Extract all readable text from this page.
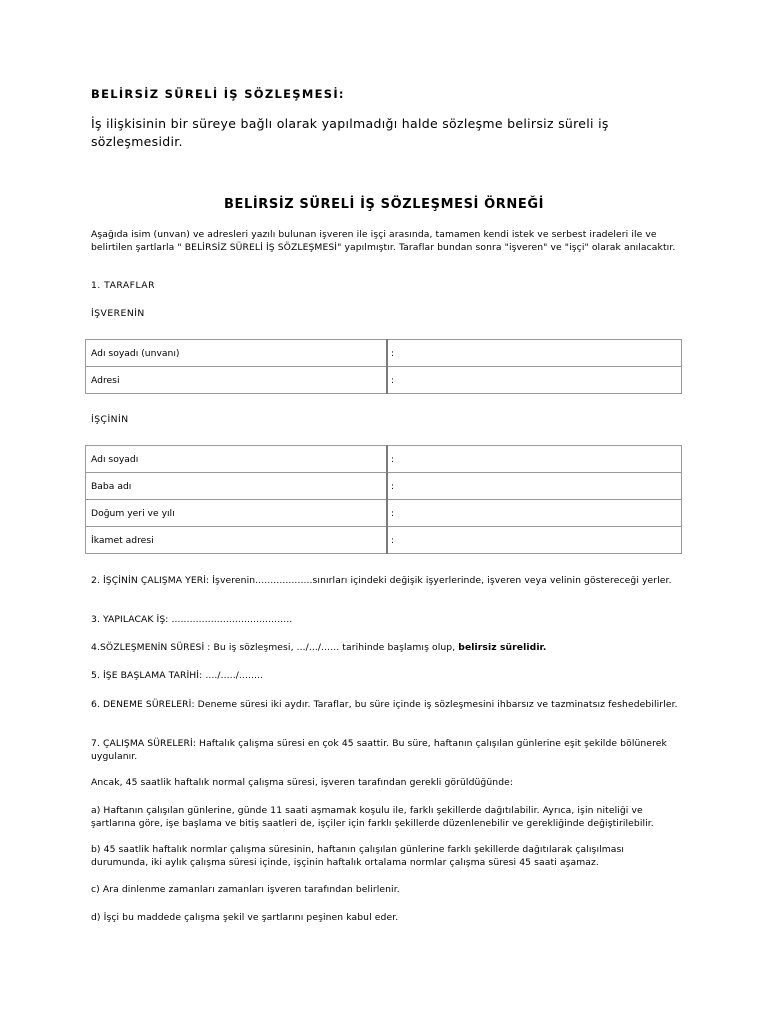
BELİRSİZ SÜRELİ İŞ SÖZLEŞMESİ:

İş ilişkisinin bir süreye bağlı olarak yapılmadığı halde sözleşme belirsiz süreli iş sözleşmesidir.

BELİRSİZ SÜRELİ İŞ SÖZLEŞMESİ ÖRNEĞİ

Aşağıda isim (unvan) ve adresleri yazılı bulunan işveren ile işçi arasında, tamamen kendi istek ve serbest iradeleri ile ve belirtilen şartlarla " BELİRSİZ SÜRELİ İŞ SÖZLEŞMESİ" yapılmıştır. Taraflar bundan sonra "işveren" ve "işçi" olarak anılacaktır.

1. TARAFLAR

İŞVERENİN

Adı soyadı (unvanı)	:
Adresi	:

İŞÇİNİN

Adı soyadı	:
Baba adı	:
Doğum yeri ve yılı	:
İkamet adresi	:

2. İŞÇİNİN ÇALIŞMA YERİ: İşverenin...................sınırları içindeki değişik işyerlerinde, işveren veya velinin göstereceği yerler.

3. YAPILACAK İŞ: ........................................

4.SÖZLEŞMENİN SÜRESİ : Bu iş sözleşmesi, .../.../...... tarihinde başlamış olup, belirsiz sürelidir.

5. İŞE BAŞLAMA TARİHİ: ..../...../........

6. DENEME SÜRELERİ: Deneme süresi iki aydır. Taraflar, bu süre içinde iş sözleşmesini ihbarsız ve tazminatsız feshedebilirler.

7. ÇALIŞMA SÜRELERİ: Haftalık çalışma süresi en çok 45 saattir. Bu süre, haftanın çalışılan günlerine eşit şekilde bölünerek uygulanır.

Ancak, 45 saatlik haftalık normal çalışma süresi, işveren tarafından gerekli görüldüğünde:

a) Haftanın çalışılan günlerine, günde 11 saati aşmamak koşulu ile, farklı şekillerde dağıtılabilir. Ayrıca, işin niteliği ve şartlarına göre, işe başlama ve bitiş saatleri de, işçiler için farklı şekillerde düzenlenebilir ve gerekliğinde değiştirilebilir.

b) 45 saatlik haftalık normlar çalışma süresinin, haftanın çalışılan günlerine farklı şekillerde dağıtılarak çalışılması durumunda, iki aylık çalışma süresi içinde, işçinin haftalık ortalama normlar çalışma süresi 45 saati aşamaz.

c) Ara dinlenme zamanları zamanları işveren tarafından belirlenir.

d) İşçi bu maddede çalışma şekil ve şartlarını peşinen kabul eder.
